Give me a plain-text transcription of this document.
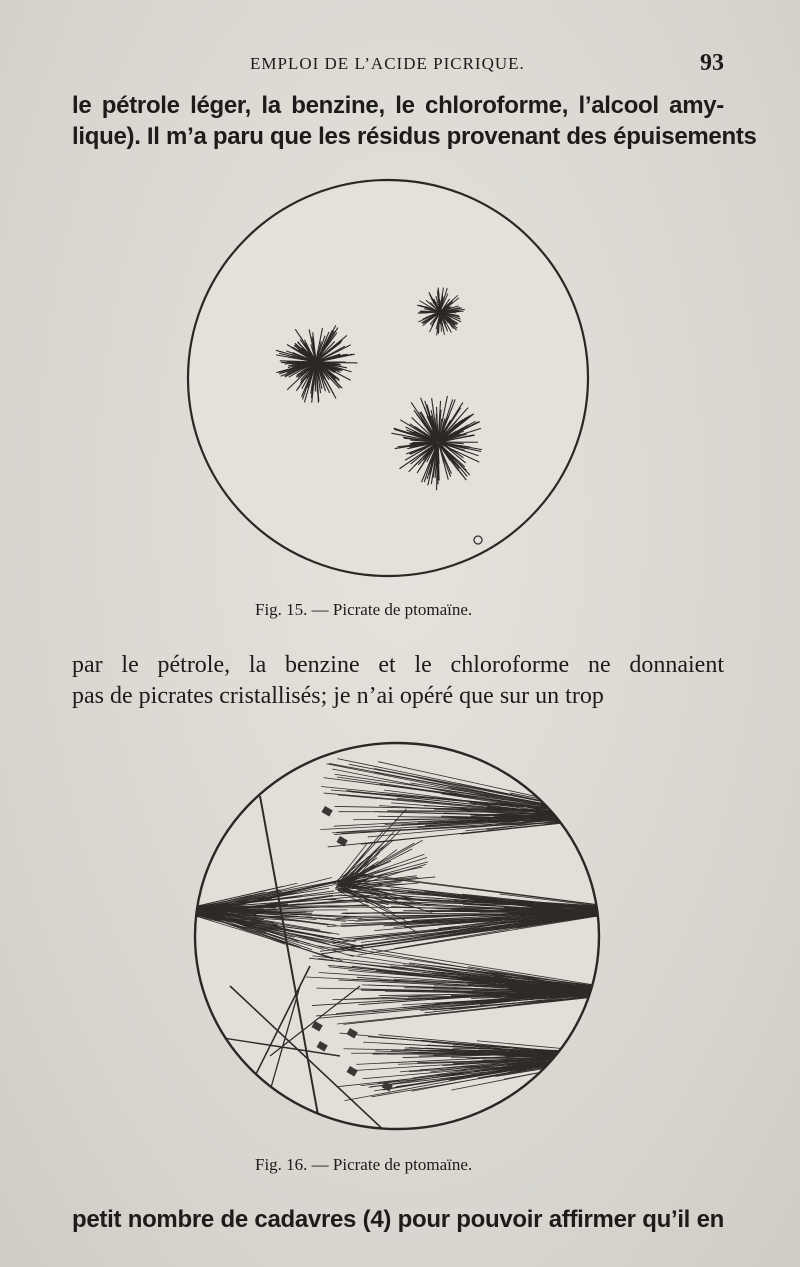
EMPLOI DE L’ACIDE PICRIQUE.	93
le pétrole léger, la benzine, le chloroforme, l’alcool amy-
lique). Il m’a paru que les résidus provenant des épuisements
Fig. 15. — Picrate de ptomaïne.
par le pétrole, la benzine et le chloroforme ne donnaient
pas de picrates cristallisés; je n’ai opéré que sur un trop
Fig. 16. — Picrate de ptomaïne.
petit nombre de cadavres (4) pour pouvoir affirmer qu’il en
